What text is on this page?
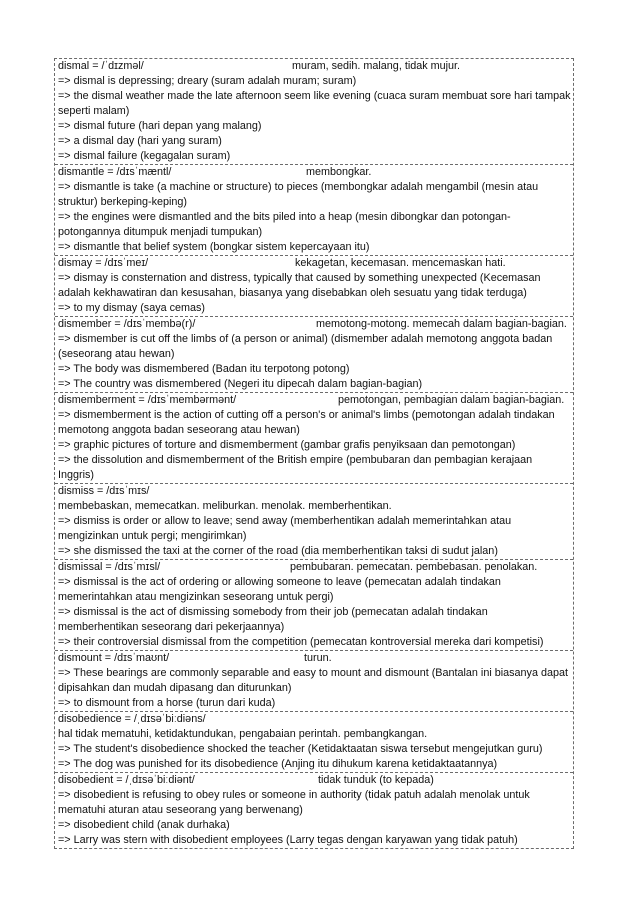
dismal = /ˈdɪzməl/	muram, sedih. malang, tidak mujur.
=> dismal is depressing; dreary (suram adalah muram; suram)
=> the dismal weather made the late afternoon seem like evening (cuaca suram membuat sore hari tampak seperti malam)
=> dismal future (hari depan yang malang)
=> a dismal day (hari yang suram)
=> dismal failure (kegagalan suram)
dismantle = /dɪsˈmæntl/	membongkar.
=> dismantle is take (a machine or structure) to pieces (membongkar adalah mengambil (mesin atau struktur) berkeping-keping)
=> the engines were dismantled and the bits piled into a heap (mesin dibongkar dan potongan-potongannya ditumpuk menjadi tumpukan)
=> dismantle that belief system (bongkar sistem kepercayaan itu)
dismay = /dɪsˈmeɪ/	kekagetan, kecemasan. mencemaskan hati.
=> dismay is consternation and distress, typically that caused by something unexpected (Kecemasan adalah kekhawatiran dan kesusahan, biasanya yang disebabkan oleh sesuatu yang tidak terduga)
=> to my dismay (saya cemas)
dismember = /dɪsˈmembə(r)/	memotong-motong. memecah dalam bagian-bagian.
=> dismember is cut off the limbs of (a person or animal) (dismember adalah memotong anggota badan (seseorang atau hewan)
=> The body was dismembered (Badan itu terpotong potong)
=> The country was dismembered (Negeri itu dipecah dalam bagian-bagian)
dismemberment = /dɪsˈmembərmənt/	pemotongan, pembagian dalam bagian-bagian.
=> dismemberment is the action of cutting off a person's or animal's limbs (pemotongan adalah tindakan memotong anggota badan seseorang atau hewan)
=> graphic pictures of torture and dismemberment (gambar grafis penyiksaan dan pemotongan)
=> the dissolution and dismemberment of the British empire (pembubaran dan pembagian kerajaan Inggris)
dismiss = /dɪsˈmɪs/
membebaskan, memecatkan. meliburkan. menolak. memberhentikan.
=> dismiss is order or allow to leave; send away (memberhentikan adalah memerintahkan atau mengizinkan untuk pergi; mengirimkan)
=> she dismissed the taxi at the corner of the road (dia memberhentikan taksi di sudut jalan)
dismissal = /dɪsˈmɪsl/	pembubaran. pemecatan. pembebasan. penolakan.
=> dismissal is the act of ordering or allowing someone to leave (pemecatan adalah tindakan memerintahkan atau mengizinkan seseorang untuk pergi)
=> dismissal is the act of dismissing somebody from their job (pemecatan adalah tindakan memberhentikan seseorang dari pekerjaannya)
=> their controversial dismissal from the competition (pemecatan kontroversial mereka dari kompetisi)
dismount = /dɪsˈmaʊnt/	turun.
=> These bearings are commonly separable and easy to mount and dismount (Bantalan ini biasanya dapat dipisahkan dan mudah dipasang dan diturunkan)
=> to dismount from a horse (turun dari kuda)
disobedience = /ˌdɪsəˈbiːdiəns/
hal tidak mematuhi, ketidaktundukan, pengabaian perintah. pembangkangan.
=> The student's disobedience shocked the teacher (Ketidaktaatan siswa tersebut mengejutkan guru)
=> The dog was punished for its disobedience (Anjing itu dihukum karena ketidaktaatannya)
disobedient = /ˌdɪsəˈbiːdiənt/	tidak tunduk (to kepada)
=> disobedient is refusing to obey rules or someone in authority (tidak patuh adalah menolak untuk mematuhi aturan atau seseorang yang berwenang)
=> disobedient child (anak durhaka)
=> Larry was stern with disobedient employees (Larry tegas dengan karyawan yang tidak patuh)
